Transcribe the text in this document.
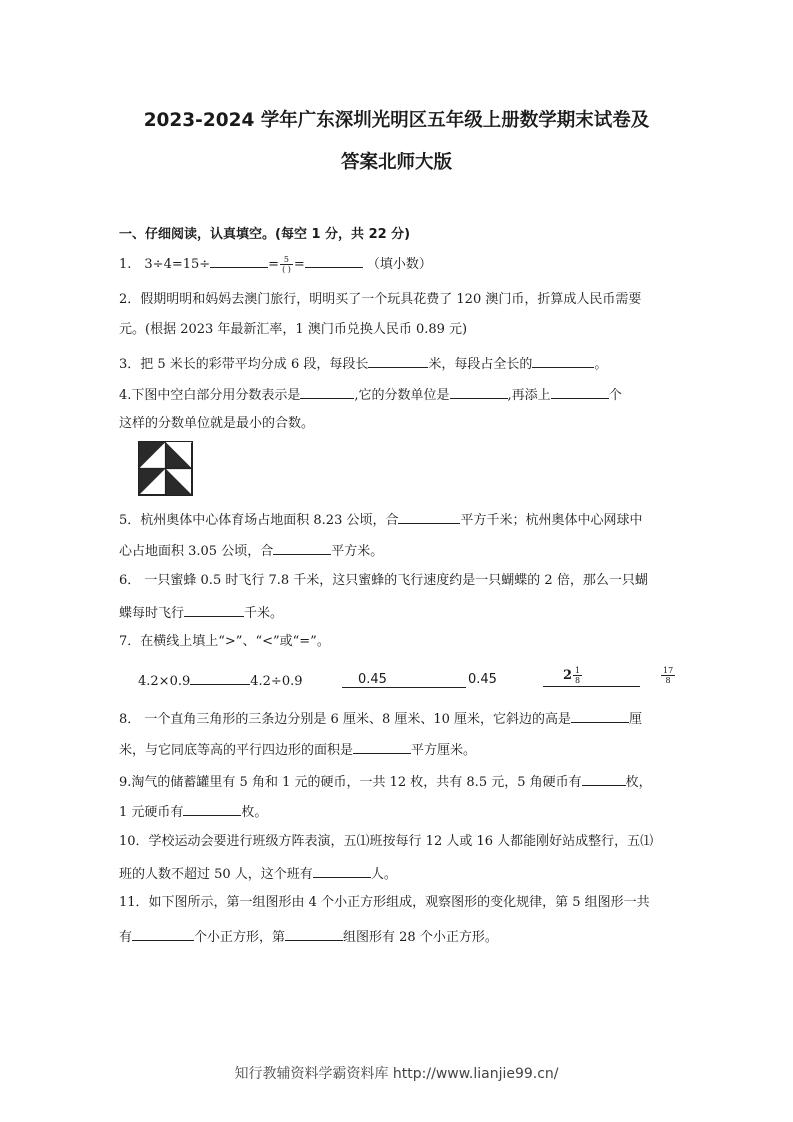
2023-2024 学年广东深圳光明区五年级上册数学期末试卷及
答案北师大版
一、仔细阅读，认真填空。(每空 1 分，共 22 分)
1.　3÷4=15÷	= $\frac{5}{( )}$ =	（填小数）
2．假期明明和妈妈去澳门旅行，明明买了一个玩具花费了 120 澳门币，折算成人民币需要
元。(根据 2023 年最新汇率，1 澳门币兑换人民币 0.89 元)
3．把 5 米长的彩带平均分成 6 段，每段长	米，每段占全长的	。
4.下图中空白部分用分数表示是	,它的分数单位是	,再添上	个
这样的分数单位就是最小的合数。
5．杭州奥体中心体育场占地面积 8.23 公顷，合	平方千米；杭州奥体中心网球中
心占地面积 3.05 公顷，合	平方米。
6． 一只蜜蜂 0.5 时飞行 7.8 千米，这只蜜蜂的飞行速度约是一只蝴蝶的 2 倍，那么一只蝴
蝶每时飞行	千米。
7．在横线上填上“>”、“<”或“=”。
4.2×0.9	4.2÷0.9	0.45	0.45	$2 \frac{1}{8}$	$\frac{17}{8}$
8． 一个直角三角形的三条边分别是 6 厘米、8 厘米、10 厘米，它斜边的高是	厘
米，与它同底等高的平行四边形的面积是	平方厘米。
9.淘气的储蓄罐里有 5 角和 1 元的硬币，一共 12 枚，共有 8.5 元，5 角硬币有	枚，
1 元硬币有	枚。
10．学校运动会要进行班级方阵表演，五⑴班按每行 12 人或 16 人都能刚好站成整行，五⑴
班的人数不超过 50 人，这个班有	人。
11．如下图所示，第一组图形由 4 个小正方形组成，观察图形的变化规律，第 5 组图形一共
有	个小正方形，第	组图形有 28 个小正方形。
知行教辅资料学霸资料库 http://www.lianjie99.cn/
